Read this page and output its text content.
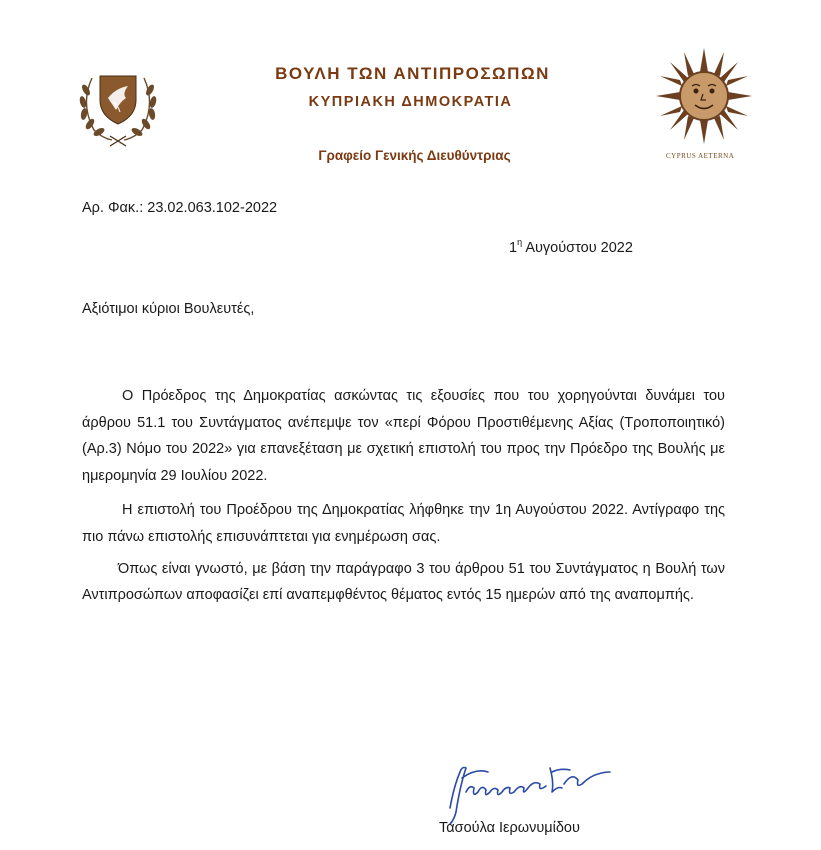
CYPRUS AETERNA
ΒΟΥΛΗ ΤΩΝ ΑΝΤΙΠΡΟΣΩΠΩΝ
ΚΥΠΡΙΑΚΗ ΔΗΜΟΚΡΑΤΙΑ
Γραφείο Γενικής Διευθύντριας
Αρ. Φακ.: 23.02.063.102-2022
$1^\eta$ Αυγούστου 2022
Αξιότιμοι κύριοι Βουλευτές,

Ο Πρόεδρος της Δημοκρατίας ασκώντας τις εξουσίες που του χορηγούνται δυνάμει του άρθρου 51.1 του Συντάγματος ανέπεμψε τον «περί Φόρου Προστιθέμενης Αξίας (Τροποποιητικό) (Αρ.3) Νόμο του 2022» για επανεξέταση με σχετική επιστολή του προς την Πρόεδρο της Βουλής με ημερομηνία 29 Ιουλίου 2022.

Η επιστολή του Προέδρου της Δημοκρατίας λήφθηκε την 1η Αυγούστου 2022. Αντίγραφο της πιο πάνω επιστολής επισυνάπτεται για ενημέρωση σας.

Όπως είναι γνωστό, με βάση την παράγραφο 3 του άρθρου 51 του Συντάγματος η Βουλή των Αντιπροσώπων αποφασίζει επί αναπεμφθέντος θέματος εντός 15 ημερών από της αναπομπής.

Τασούλα Ιερωνυμίδου
